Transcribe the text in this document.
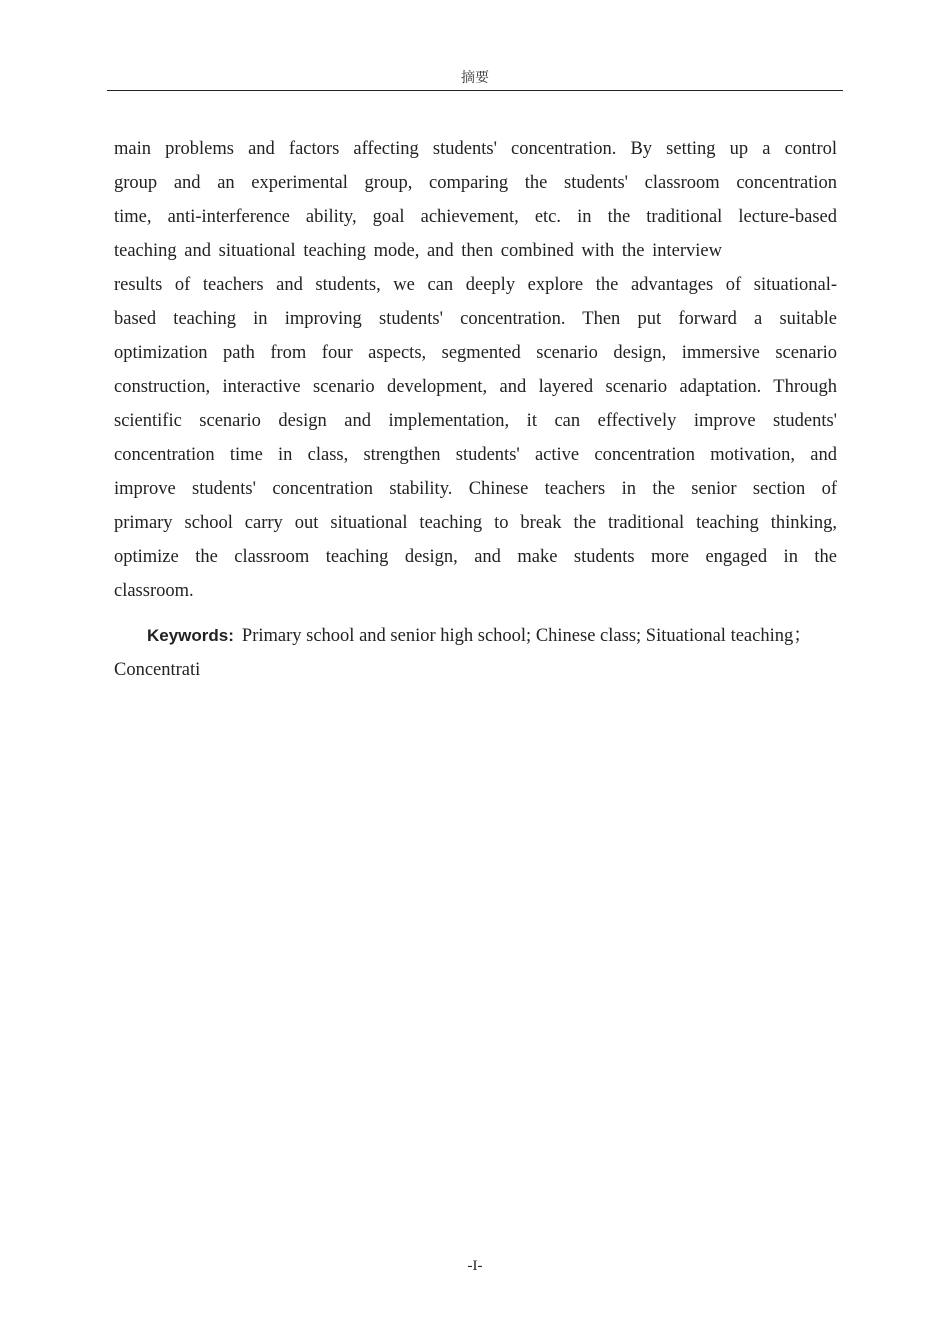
摘要

main problems and factors affecting students' concentration. By setting up a control
group and an experimental group, comparing the students' classroom concentration
time, anti-interference ability, goal achievement, etc. in the traditional lecture-based
teaching and situational teaching mode, and then combined with the interview
results of teachers and students, we can deeply explore the advantages of situational-
based teaching in improving students' concentration. Then put forward a suitable
optimization path from four aspects, segmented scenario design, immersive scenario
construction, interactive scenario development, and layered scenario adaptation. Through
scientific scenario design and implementation, it can effectively improve students'
concentration time in class, strengthen students' active concentration motivation, and
improve students' concentration stability. Chinese teachers in the senior section of
primary school carry out situational teaching to break the traditional teaching thinking,
optimize the classroom teaching design, and make students more engaged in the
classroom.

Keywords: Primary school and senior high school; Chinese class; Situational teaching；
Concentrati
-I-
